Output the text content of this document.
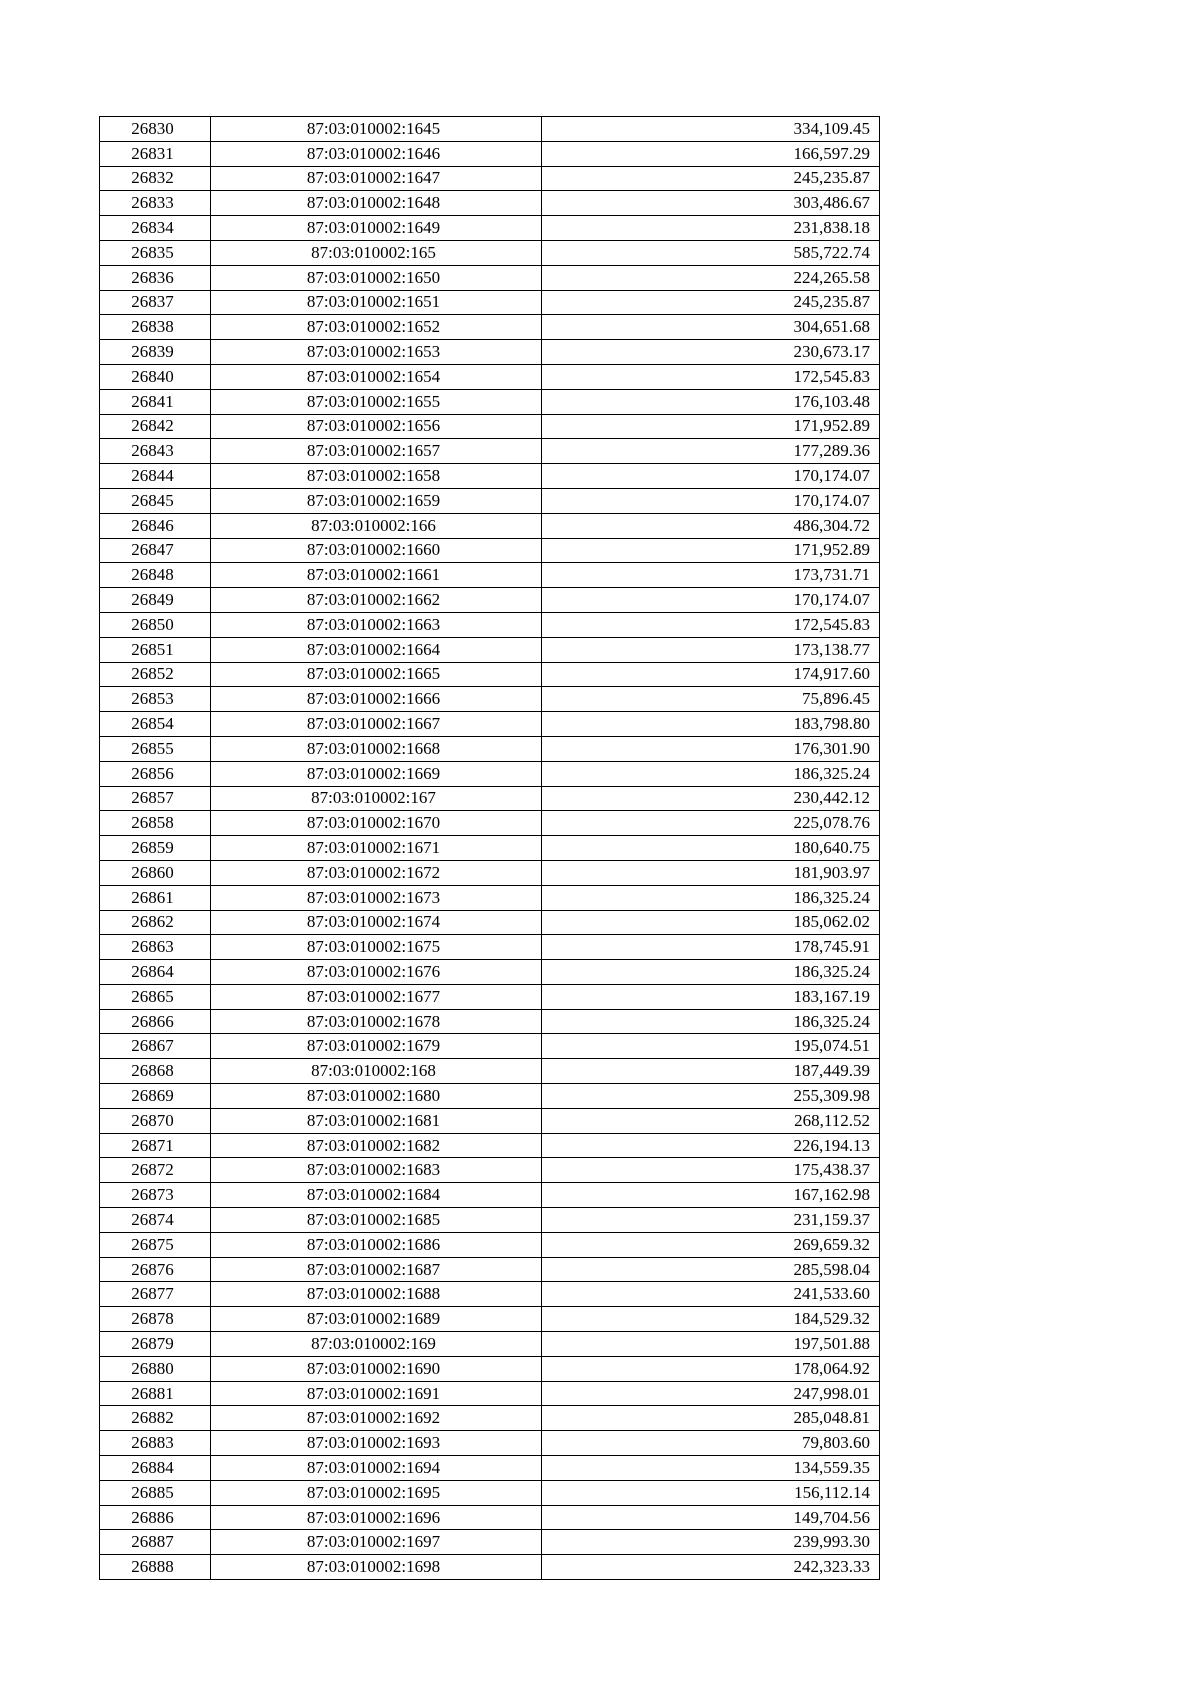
26830	87:03:010002:1645	334,109.45
26831	87:03:010002:1646	166,597.29
26832	87:03:010002:1647	245,235.87
26833	87:03:010002:1648	303,486.67
26834	87:03:010002:1649	231,838.18
26835	87:03:010002:165	585,722.74
26836	87:03:010002:1650	224,265.58
26837	87:03:010002:1651	245,235.87
26838	87:03:010002:1652	304,651.68
26839	87:03:010002:1653	230,673.17
26840	87:03:010002:1654	172,545.83
26841	87:03:010002:1655	176,103.48
26842	87:03:010002:1656	171,952.89
26843	87:03:010002:1657	177,289.36
26844	87:03:010002:1658	170,174.07
26845	87:03:010002:1659	170,174.07
26846	87:03:010002:166	486,304.72
26847	87:03:010002:1660	171,952.89
26848	87:03:010002:1661	173,731.71
26849	87:03:010002:1662	170,174.07
26850	87:03:010002:1663	172,545.83
26851	87:03:010002:1664	173,138.77
26852	87:03:010002:1665	174,917.60
26853	87:03:010002:1666	75,896.45
26854	87:03:010002:1667	183,798.80
26855	87:03:010002:1668	176,301.90
26856	87:03:010002:1669	186,325.24
26857	87:03:010002:167	230,442.12
26858	87:03:010002:1670	225,078.76
26859	87:03:010002:1671	180,640.75
26860	87:03:010002:1672	181,903.97
26861	87:03:010002:1673	186,325.24
26862	87:03:010002:1674	185,062.02
26863	87:03:010002:1675	178,745.91
26864	87:03:010002:1676	186,325.24
26865	87:03:010002:1677	183,167.19
26866	87:03:010002:1678	186,325.24
26867	87:03:010002:1679	195,074.51
26868	87:03:010002:168	187,449.39
26869	87:03:010002:1680	255,309.98
26870	87:03:010002:1681	268,112.52
26871	87:03:010002:1682	226,194.13
26872	87:03:010002:1683	175,438.37
26873	87:03:010002:1684	167,162.98
26874	87:03:010002:1685	231,159.37
26875	87:03:010002:1686	269,659.32
26876	87:03:010002:1687	285,598.04
26877	87:03:010002:1688	241,533.60
26878	87:03:010002:1689	184,529.32
26879	87:03:010002:169	197,501.88
26880	87:03:010002:1690	178,064.92
26881	87:03:010002:1691	247,998.01
26882	87:03:010002:1692	285,048.81
26883	87:03:010002:1693	79,803.60
26884	87:03:010002:1694	134,559.35
26885	87:03:010002:1695	156,112.14
26886	87:03:010002:1696	149,704.56
26887	87:03:010002:1697	239,993.30
26888	87:03:010002:1698	242,323.33
